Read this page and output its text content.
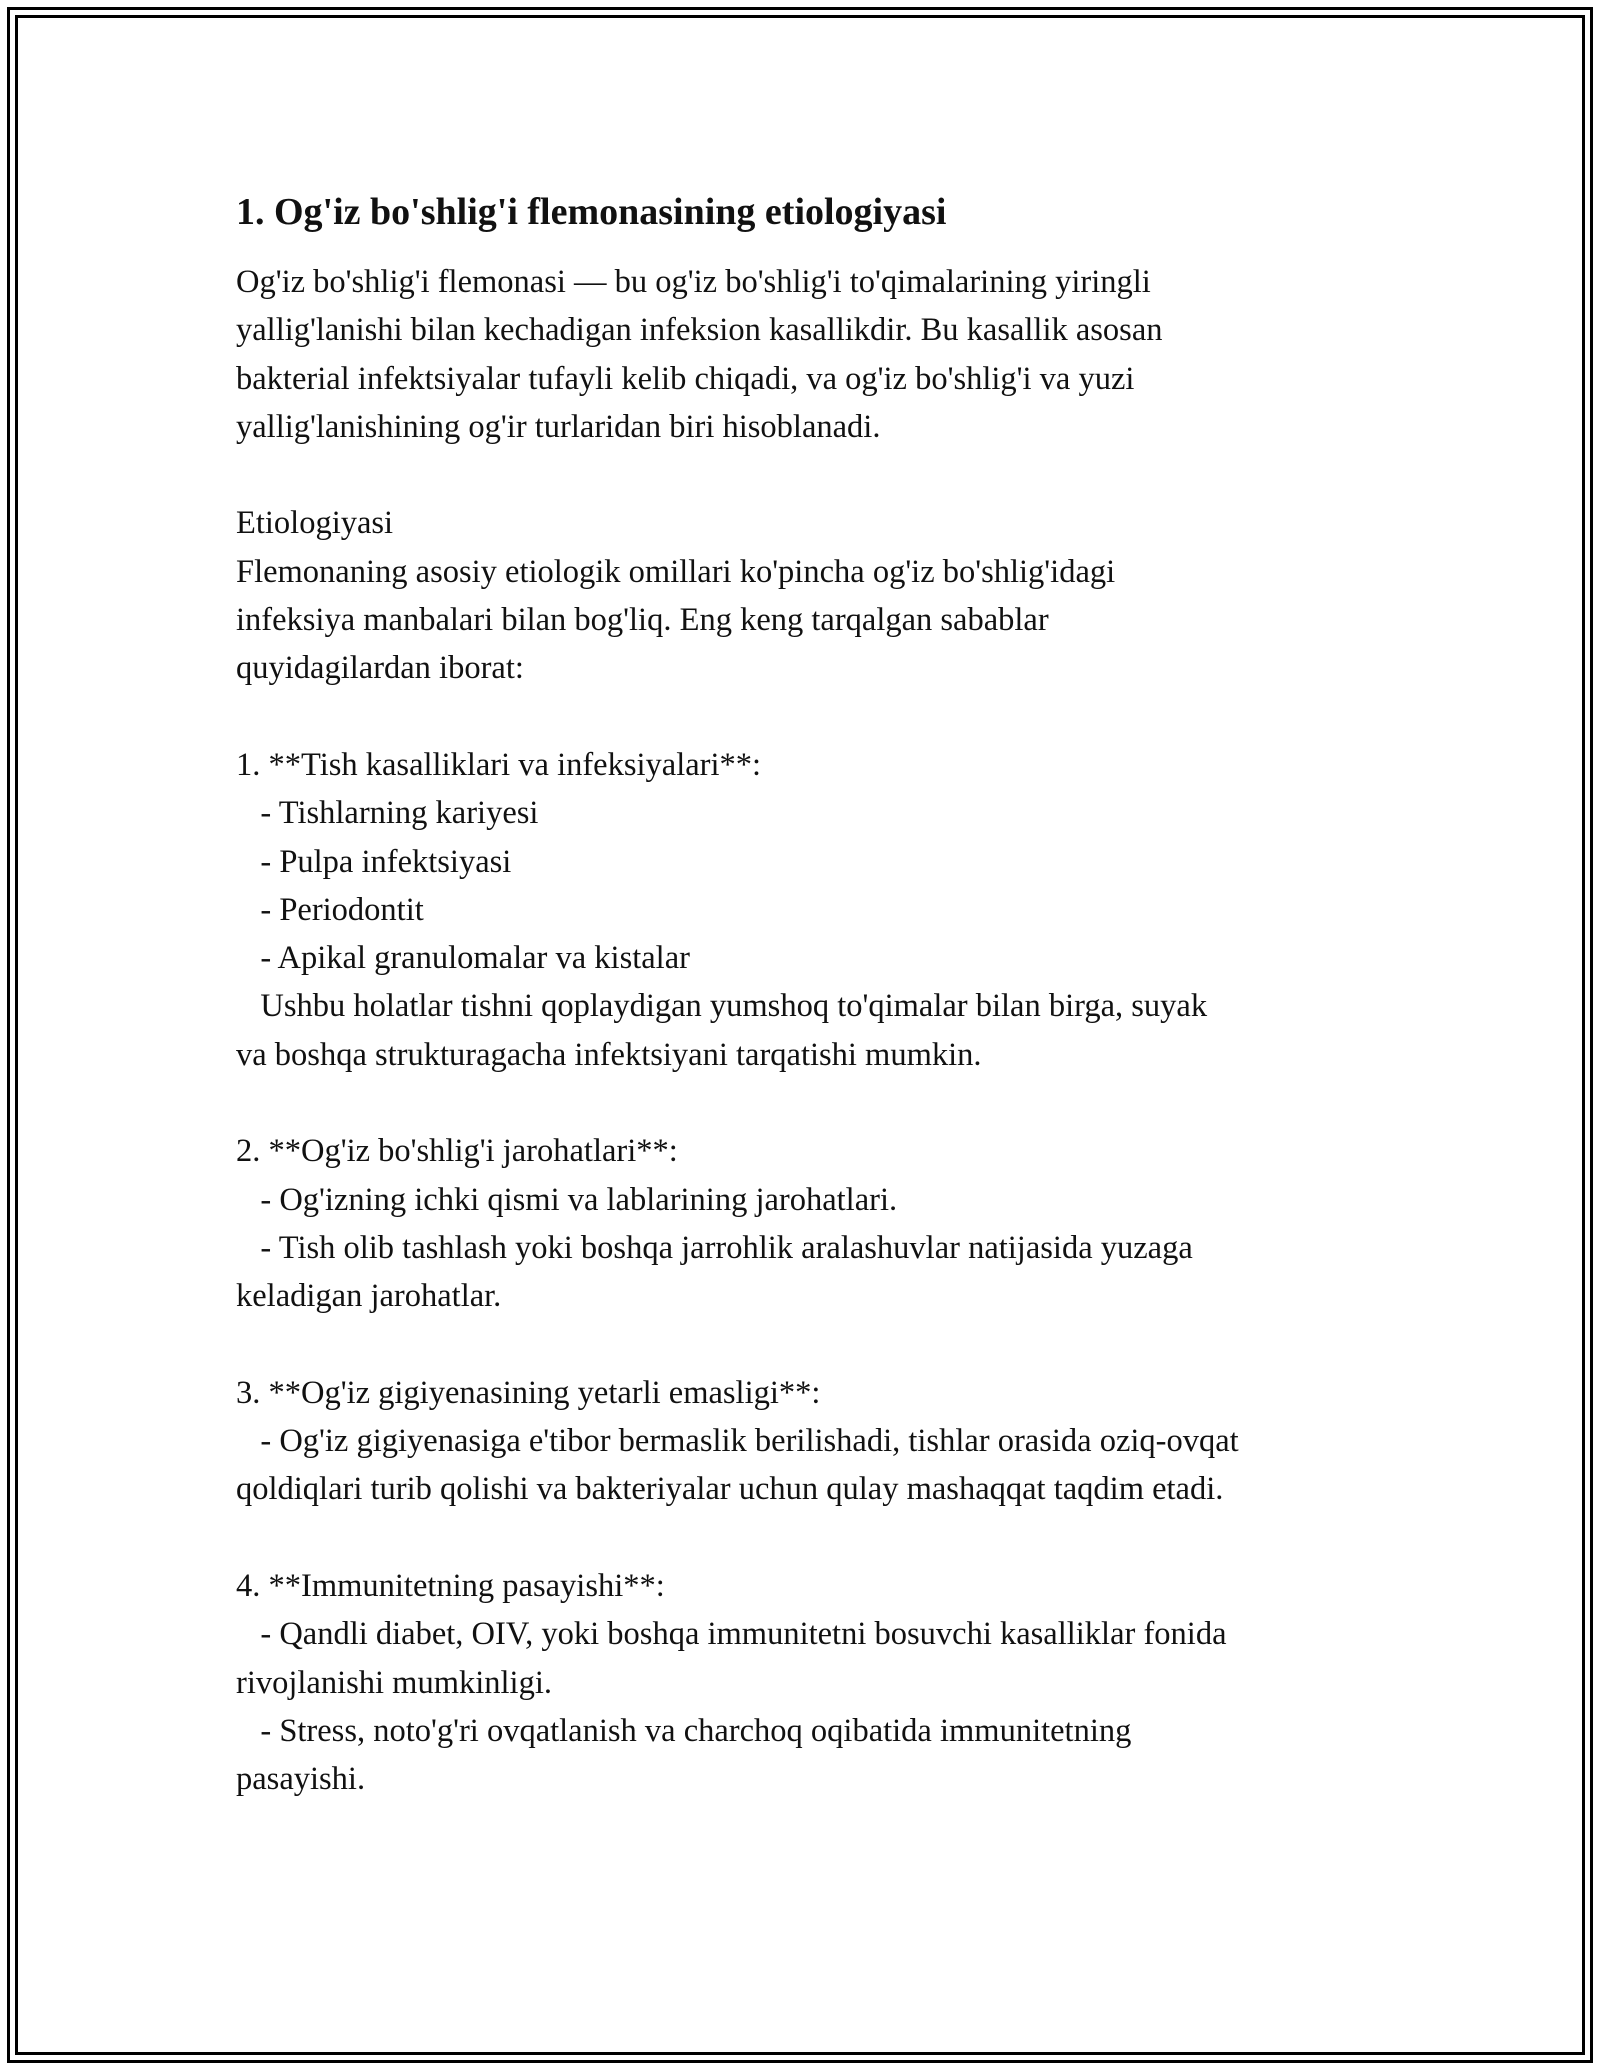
1. Og'iz bo'shlig'i flemonasining etiologiyasi

Og'iz bo'shlig'i flemonasi — bu og'iz bo'shlig'i to'qimalarining yiringli
yallig'lanishi bilan kechadigan infeksion kasallikdir. Bu kasallik asosan
bakterial infektsiyalar tufayli kelib chiqadi, va og'iz bo'shlig'i va yuzi
yallig'lanishining og'ir turlaridan biri hisoblanadi.

Etiologiyasi
Flemonaning asosiy etiologik omillari ko'pincha og'iz bo'shlig'idagi
infeksiya manbalari bilan bog'liq. Eng keng tarqalgan sabablar
quyidagilardan iborat:

1. **Tish kasalliklari va infeksiyalari**:
- Tishlarning kariyesi
- Pulpa infektsiyasi
- Periodontit
- Apikal granulomalar va kistalar
Ushbu holatlar tishni qoplaydigan yumshoq to'qimalar bilan birga, suyak
va boshqa strukturagacha infektsiyani tarqatishi mumkin.

2. **Og'iz bo'shlig'i jarohatlari**:
- Og'izning ichki qismi va lablarining jarohatlari.
- Tish olib tashlash yoki boshqa jarrohlik aralashuvlar natijasida yuzaga
keladigan jarohatlar.

3. **Og'iz gigiyenasining yetarli emasligi**:
- Og'iz gigiyenasiga e'tibor bermaslik berilishadi, tishlar orasida oziq-ovqat
qoldiqlari turib qolishi va bakteriyalar uchun qulay mashaqqat taqdim etadi.

4. **Immunitetning pasayishi**:
- Qandli diabet, OIV, yoki boshqa immunitetni bosuvchi kasalliklar fonida
rivojlanishi mumkinligi.
- Stress, noto'g'ri ovqatlanish va charchoq oqibatida immunitetning
pasayishi.
